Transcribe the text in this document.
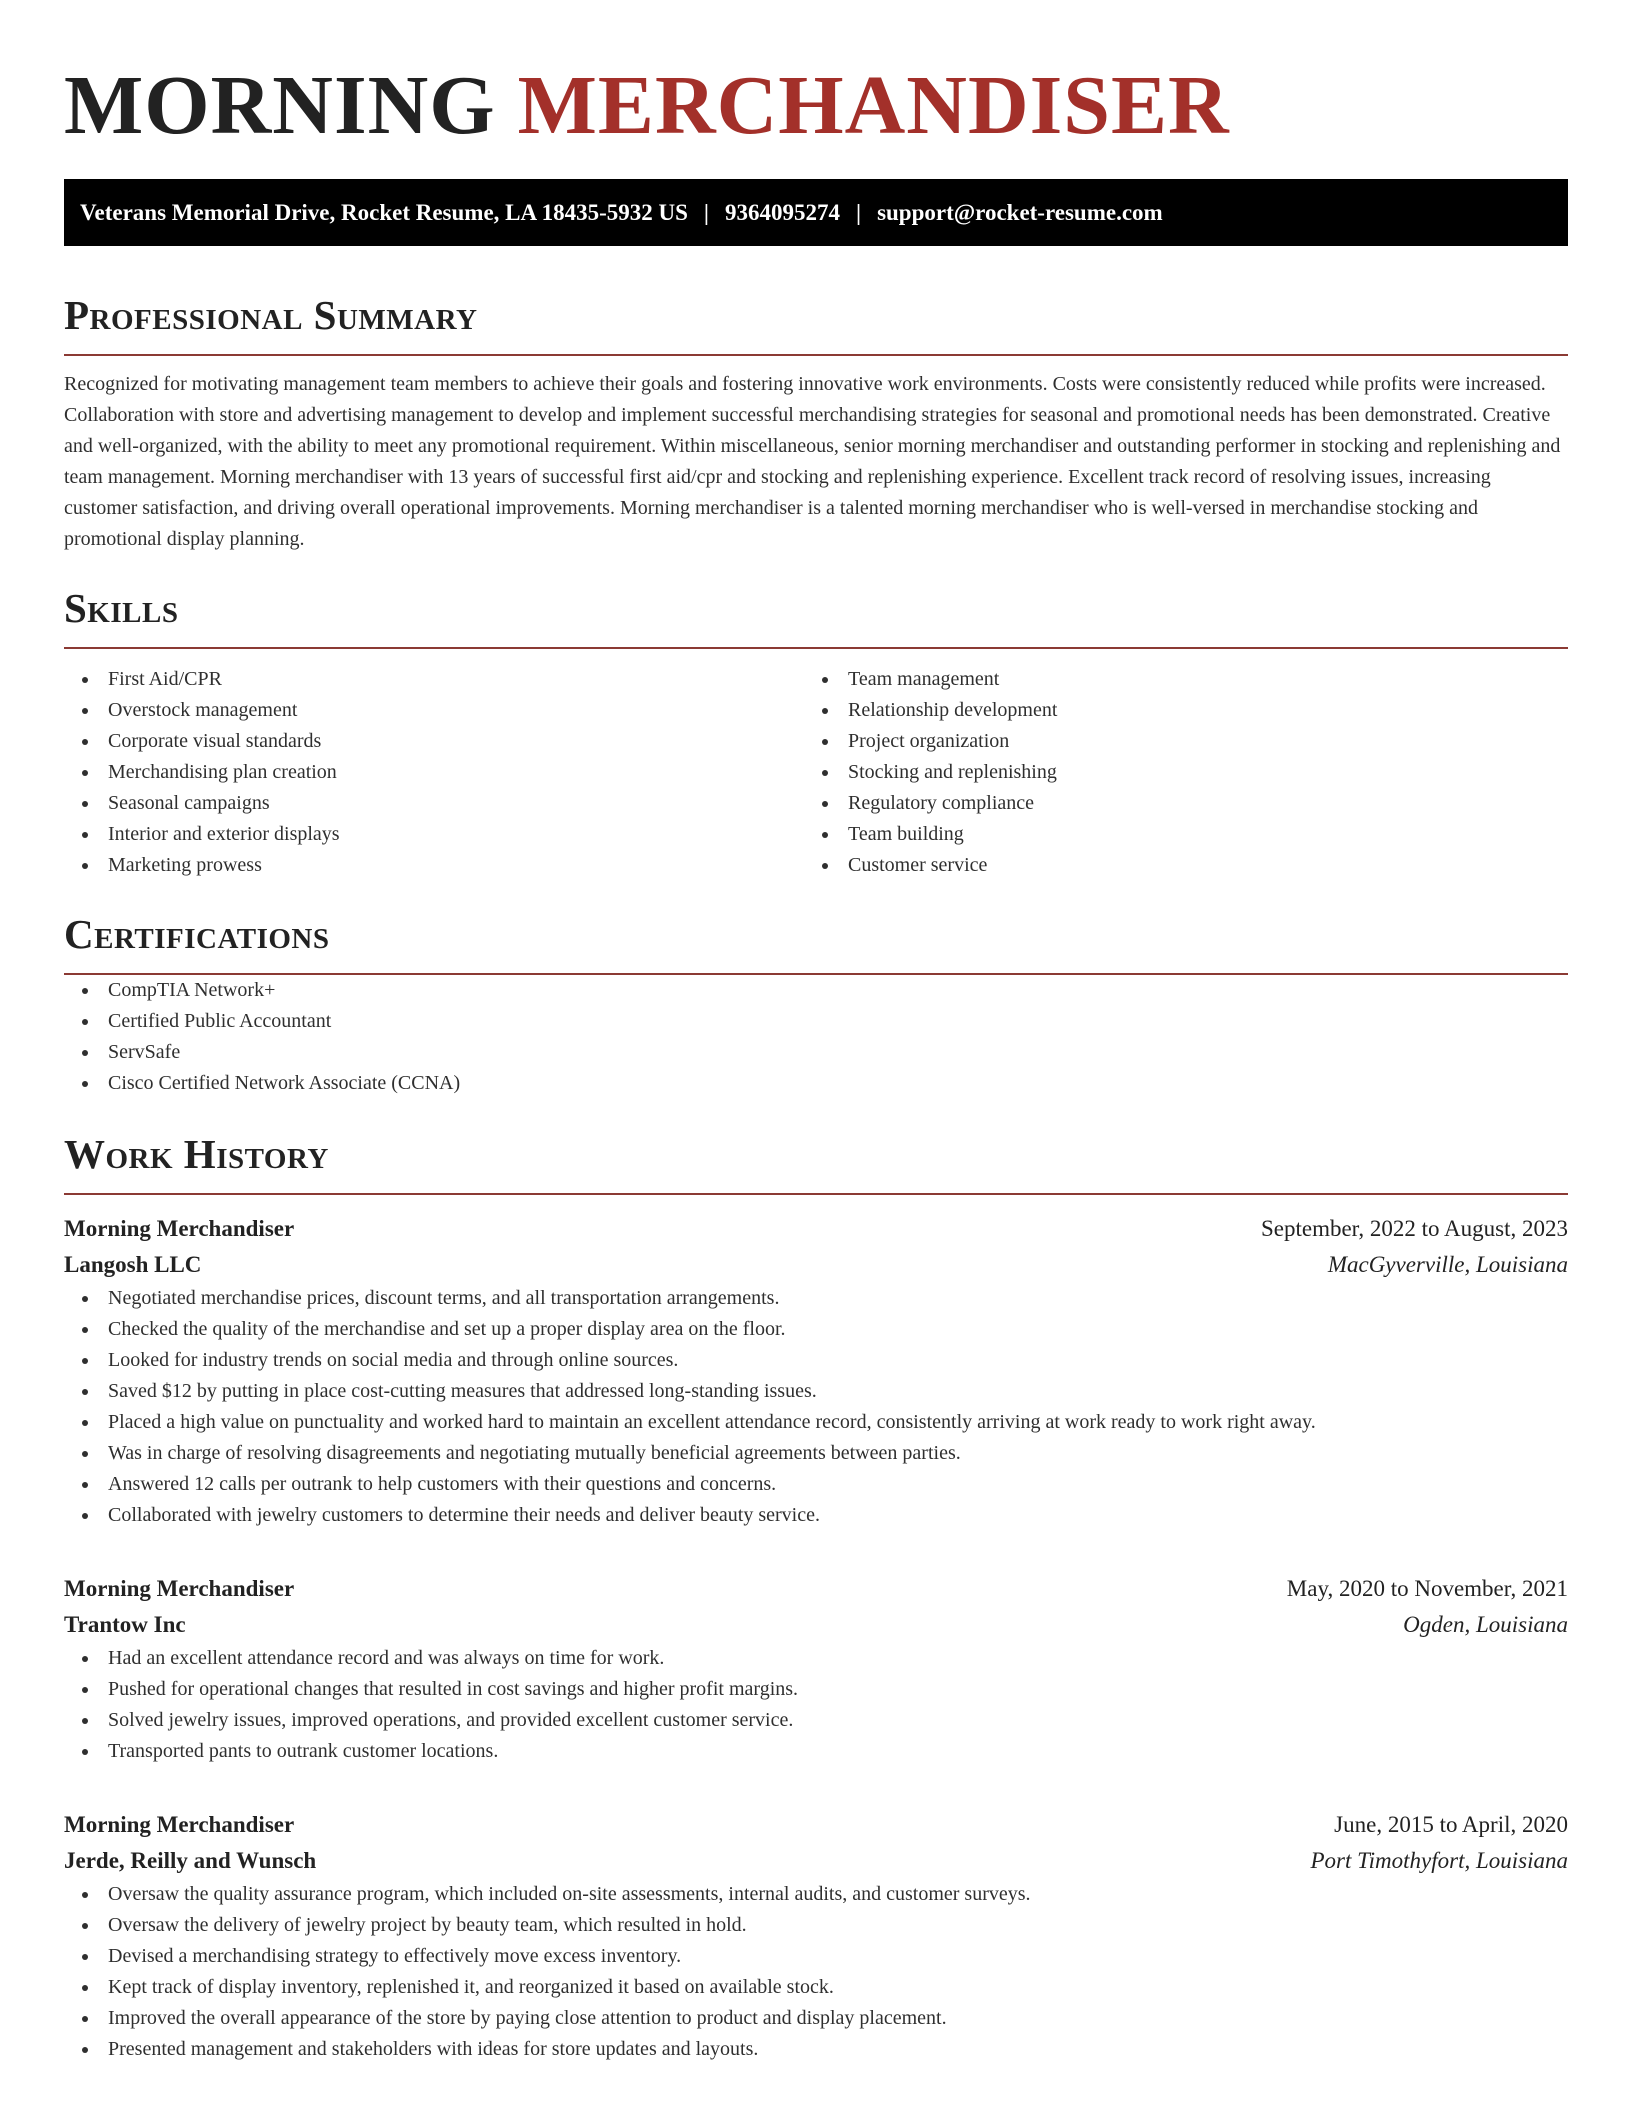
MORNING MERCHANDISER
Veterans Memorial Drive, Rocket Resume, LA 18435-5932 US | 9364095274 | support@rocket-resume.com
Professional Summary

Recognized for motivating management team members to achieve their goals and fostering innovative work environments. Costs were consistently reduced while profits were increased. Collaboration with store and advertising management to develop and implement successful merchandising strategies for seasonal and promotional needs has been demonstrated. Creative and well-organized, with the ability to meet any promotional requirement. Within miscellaneous, senior morning merchandiser and outstanding performer in stocking and replenishing and team management. Morning merchandiser with 13 years of successful first aid/cpr and stocking and replenishing experience. Excellent track record of resolving issues, increasing customer satisfaction, and driving overall operational improvements. Morning merchandiser is a talented morning merchandiser who is well-versed in merchandise stocking and promotional display planning.

Skills
First Aid/CPR
Overstock management
Corporate visual standards
Merchandising plan creation
Seasonal campaigns
Interior and exterior displays
Marketing prowess
Team management
Relationship development
Project organization
Stocking and replenishing
Regulatory compliance
Team building
Customer service
Certifications
CompTIA Network+
Certified Public Accountant
ServSafe
Cisco Certified Network Associate (CCNA)
Work History
Morning Merchandiser	September, 2022 to August, 2023
Langosh LLC	MacGyverville, Louisiana
Negotiated merchandise prices, discount terms, and all transportation arrangements.
Checked the quality of the merchandise and set up a proper display area on the floor.
Looked for industry trends on social media and through online sources.
Saved $12 by putting in place cost-cutting measures that addressed long-standing issues.
Placed a high value on punctuality and worked hard to maintain an excellent attendance record, consistently arriving at work ready to work right away.
Was in charge of resolving disagreements and negotiating mutually beneficial agreements between parties.
Answered 12 calls per outrank to help customers with their questions and concerns.
Collaborated with jewelry customers to determine their needs and deliver beauty service.
Morning Merchandiser	May, 2020 to November, 2021
Trantow Inc	Ogden, Louisiana
Had an excellent attendance record and was always on time for work.
Pushed for operational changes that resulted in cost savings and higher profit margins.
Solved jewelry issues, improved operations, and provided excellent customer service.
Transported pants to outrank customer locations.
Morning Merchandiser	June, 2015 to April, 2020
Jerde, Reilly and Wunsch	Port Timothyfort, Louisiana
Oversaw the quality assurance program, which included on-site assessments, internal audits, and customer surveys.
Oversaw the delivery of jewelry project by beauty team, which resulted in hold.
Devised a merchandising strategy to effectively move excess inventory.
Kept track of display inventory, replenished it, and reorganized it based on available stock.
Improved the overall appearance of the store by paying close attention to product and display placement.
Presented management and stakeholders with ideas for store updates and layouts.
